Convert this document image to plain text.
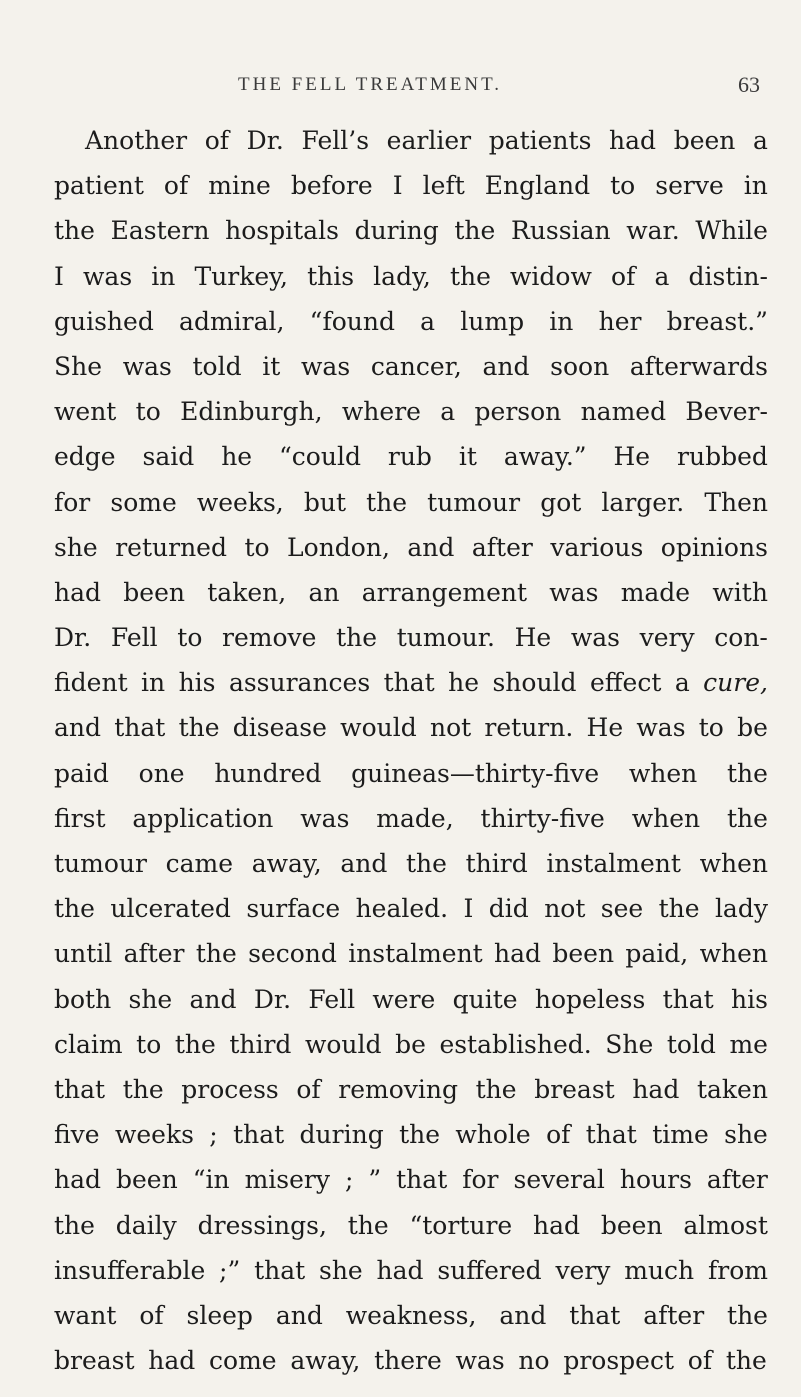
THE FELL TREATMENT.	63
Another of Dr. Fell’s earlier patients had been a
patient of mine before I left England to serve in
the Eastern hospitals during the Russian war. While
I was in Turkey, this lady, the widow of a distin-
guished admiral, “found a lump in her breast.”
She was told it was cancer, and soon afterwards
went to Edinburgh, where a person named Bever-
edge said he “could rub it away.” He rubbed
for some weeks, but the tumour got larger. Then
she returned to London, and after various opinions
had been taken, an arrangement was made with
Dr. Fell to remove the tumour. He was very con-
fident in his assurances that he should effect a cure,
and that the disease would not return. He was to be
paid one hundred guineas—thirty-five when the
first application was made, thirty-five when the
tumour came away, and the third instalment when
the ulcerated surface healed. I did not see the lady
until after the second instalment had been paid, when
both she and Dr. Fell were quite hopeless that his
claim to the third would be established. She told me
that the process of removing the breast had taken
five weeks ; that during the whole of that time she
had been “in misery ; ” that for several hours after
the daily dressings, the “torture had been almost
insufferable ;” that she had suffered very much from
want of sleep and weakness, and that after the
breast had come away, there was no prospect of the
